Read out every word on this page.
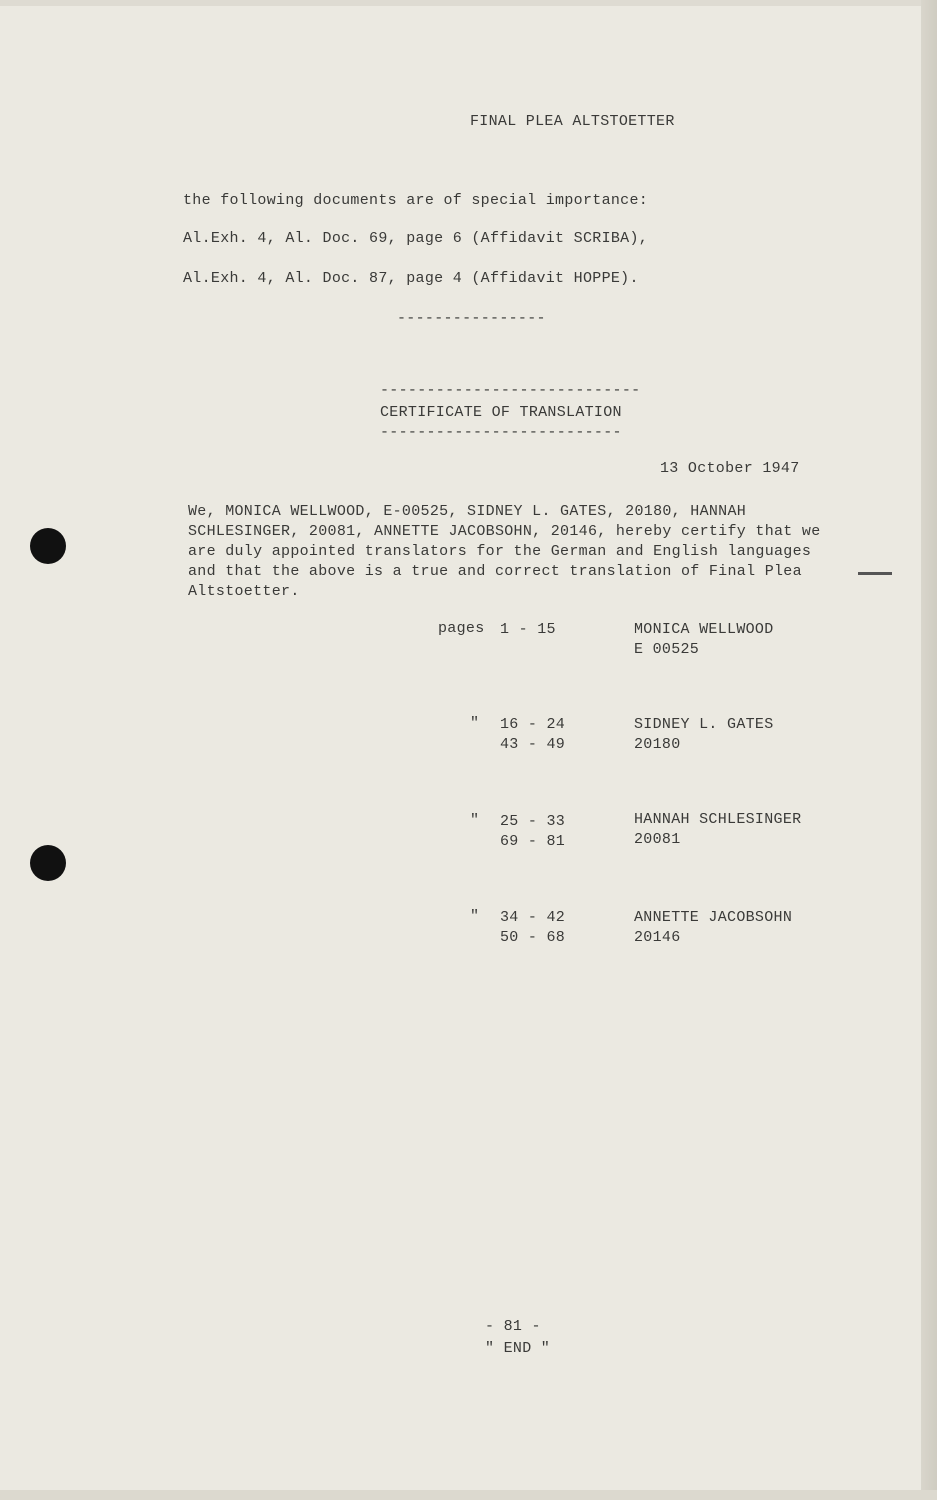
FINAL PLEA ALTSTOETTER
the following documents are of special importance:
Al.Exh. 4, Al. Doc. 69, page 6 (Affidavit SCRIBA),
Al.Exh. 4, Al. Doc. 87, page 4 (Affidavit HOPPE).
----------------
----------------------------
CERTIFICATE OF TRANSLATION
--------------------------
13 October 1947
We, MONICA WELLWOOD, E-00525, SIDNEY L. GATES, 20180, HANNAH SCHLESINGER, 20081, ANNETTE JACOBSOHN, 20146, hereby certify that we are duly appointed translators for the German and English languages and that the above is a true and correct translation of Final Plea Altstoetter.
pages 1 - 15	MONICA WELLWOOD
E 00525
" 16 - 24
43 - 49
SIDNEY L. GATES
20180
" 25 - 33
69 - 81
HANNAH SCHLESINGER
20081
" 34 - 42
50 - 68
ANNETTE JACOBSOHN
20146
- 81 -
" END "
